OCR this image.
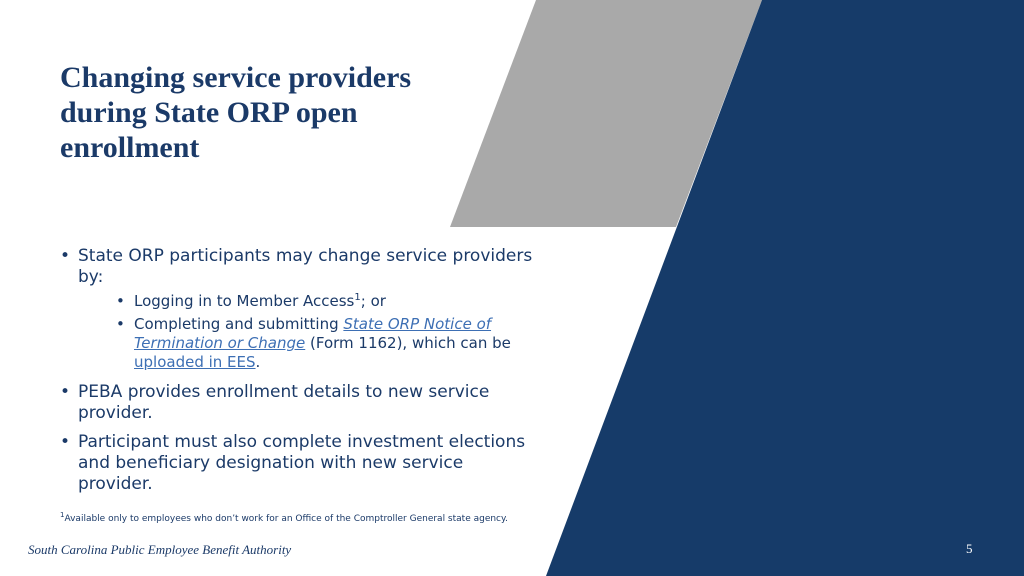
Changing service providers during State ORP open enrollment
• State ORP participants may change service providers by:
• Logging in to Member Access$^1$; or
• Completing and submitting State ORP Notice of Termination or Change (Form 1162), which can be uploaded in EES.
• PEBA provides enrollment details to new service provider.
• Participant must also complete investment elections and beneficiary designation with new service provider.
$^1$Available only to employees who don’t work for an Office of the Comptroller General state agency.
South Carolina Public Employee Benefit Authority	5
